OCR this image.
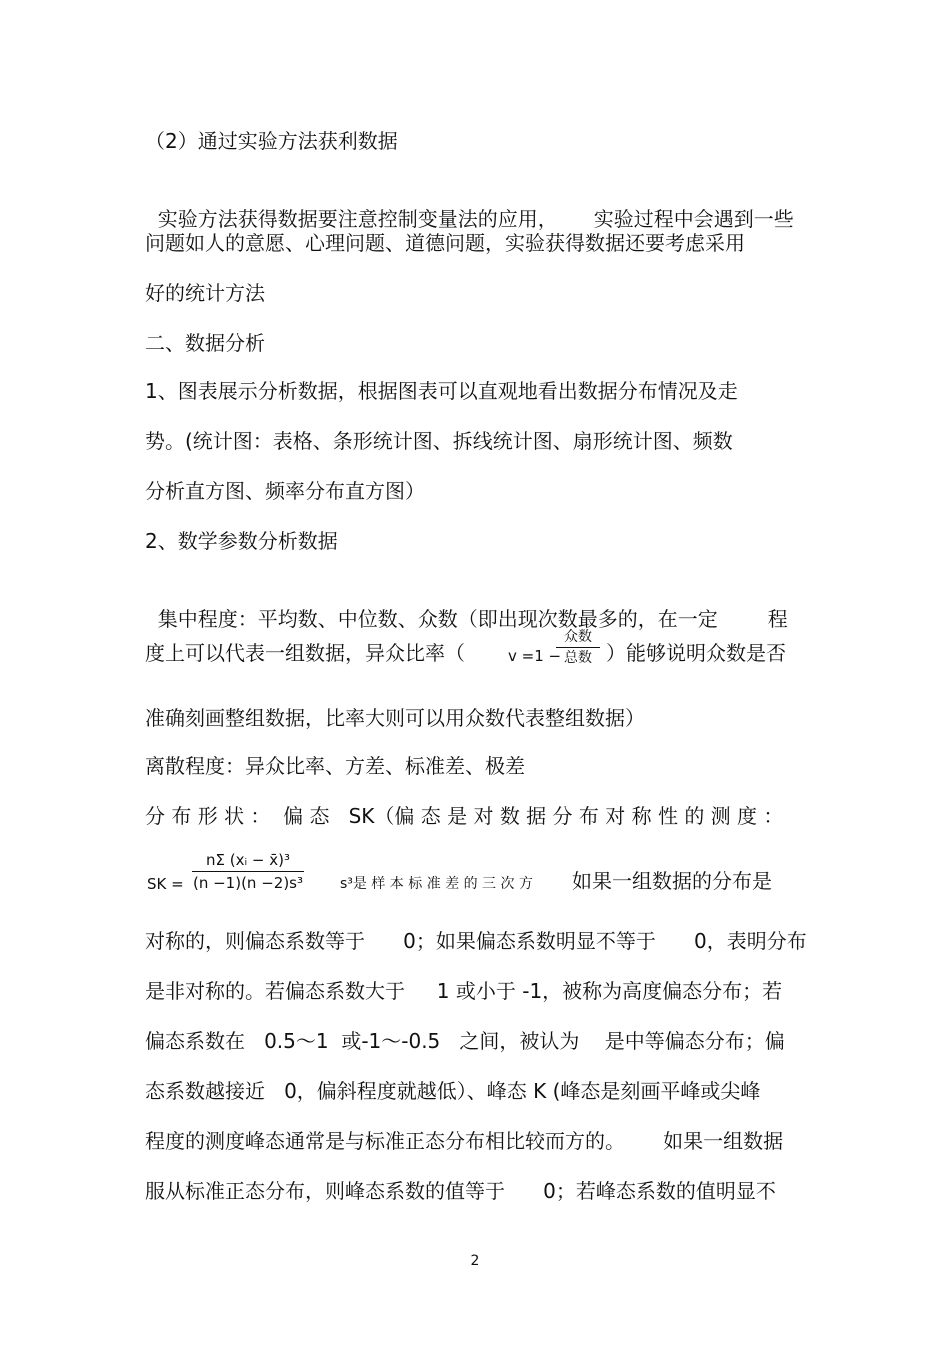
（2）通过实验方法获利数据

实验方法获得数据要注意控制变量法的应用， 实验过程中会遇到一些

问题如人的意愿、心理问题、道德问题，实验获得数据还要考虑采用
好的统计方法
二、数据分析
1、图表展示分析数据，根据图表可以直观地看出数据分布情况及走
势。(统计图：表格、条形统计图、拆线统计图、扇形统计图、频数
分析直方图、频率分布直方图）
2、数学参数分析数据

集中程度：平均数、中位数、众数（即出现次数最多的，在一定	程

度上可以代表一组数据，异众比率（	v =1 −
众数
总数 ）能够说明众数是否
准确刻画整组数据，比率大则可以用众数代表整组数据）
离散程度：异众比率、方差、标准差、极差
分 布 形 状 ：  偏 态   SK（偏 态 是 对 数 据 分 布 对 称 性 的 测 度 ：
SK =
nΣ (xᵢ − x̄)³
(n −1)(n −2)s³	s³是 样 本 标 准 差 的 三 次 方 如果一组数据的分布是
对称的，则偏态系数等于      0；如果偏态系数明显不等于      0，表明分布
是非对称的。若偏态系数大于     1 或小于 -1，被称为高度偏态分布；若
偏态系数在   0.5～1  或-1～-0.5   之间，被认为    是中等偏态分布；偏
态系数越接近   0，偏斜程度就越低）、峰态 K (峰态是刻画平峰或尖峰
程度的测度峰态通常是与标准正态分布相比较而方的。      如果一组数据
服从标准正态分布，则峰态系数的值等于      0；若峰态系数的值明显不
2
